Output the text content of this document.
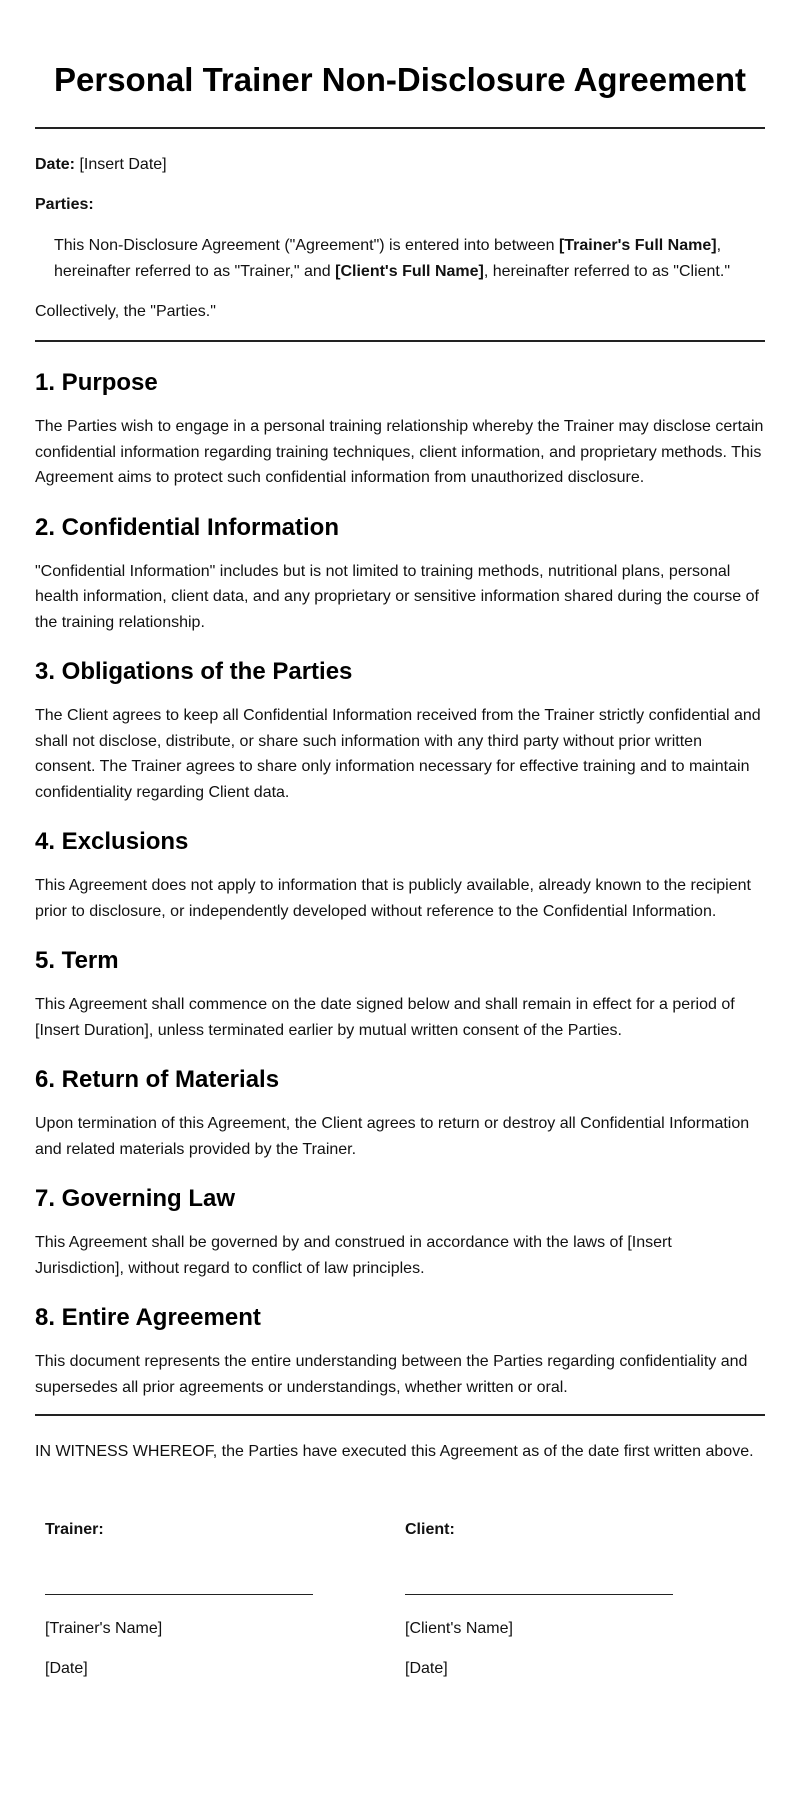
Personal Trainer Non-Disclosure Agreement
Date: [Insert Date]
Parties:
This Non-Disclosure Agreement ("Agreement") is entered into between [Trainer's Full Name], hereinafter referred to as "Trainer," and [Client's Full Name], hereinafter referred to as "Client."
Collectively, the "Parties."
1. Purpose

The Parties wish to engage in a personal training relationship whereby the Trainer may disclose certain confidential information regarding training techniques, client information, and proprietary methods. This Agreement aims to protect such confidential information from unauthorized disclosure.

2. Confidential Information

"Confidential Information" includes but is not limited to training methods, nutritional plans, personal health information, client data, and any proprietary or sensitive information shared during the course of the training relationship.

3. Obligations of the Parties

The Client agrees to keep all Confidential Information received from the Trainer strictly confidential and shall not disclose, distribute, or share such information with any third party without prior written consent. The Trainer agrees to share only information necessary for effective training and to maintain confidentiality regarding Client data.

4. Exclusions

This Agreement does not apply to information that is publicly available, already known to the recipient prior to disclosure, or independently developed without reference to the Confidential Information.

5. Term

This Agreement shall commence on the date signed below and shall remain in effect for a period of [Insert Duration], unless terminated earlier by mutual written consent of the Parties.

6. Return of Materials

Upon termination of this Agreement, the Client agrees to return or destroy all Confidential Information and related materials provided by the Trainer.

7. Governing Law

This Agreement shall be governed by and construed in accordance with the laws of [Insert Jurisdiction], without regard to conflict of law principles.

8. Entire Agreement

This document represents the entire understanding between the Parties regarding confidentiality and supersedes all prior agreements or understandings, whether written or oral.

IN WITNESS WHEREOF, the Parties have executed this Agreement as of the date first written above.
Trainer:
[Trainer's Name]
[Date]
Client:
[Client's Name]
[Date]
